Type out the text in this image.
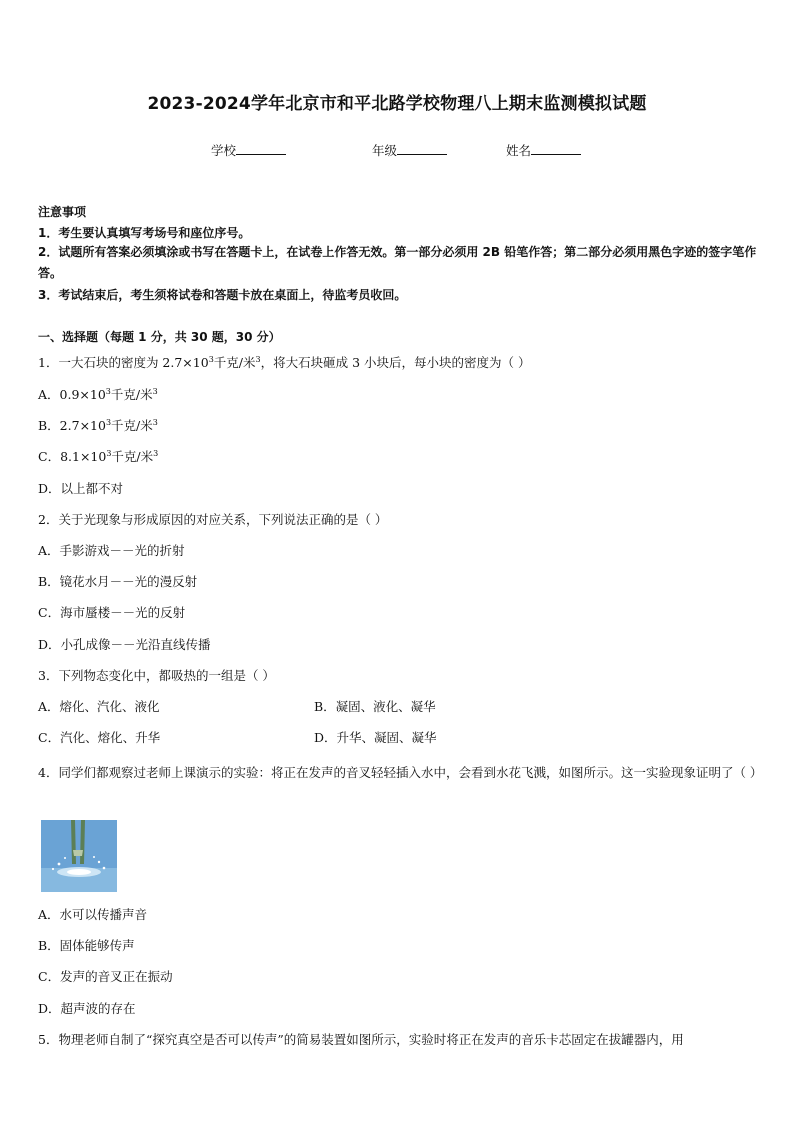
2023-2024学年北京市和平北路学校物理八上期末监测模拟试题
学校	年级	姓名
注意事项
1．考生要认真填写考场号和座位序号。
2．试题所有答案必须填涂或书写在答题卡上，在试卷上作答无效。第一部分必须用 2B 铅笔作答；第二部分必须用黑色字迹的签字笔作答。
3．考试结束后，考生须将试卷和答题卡放在桌面上，待监考员收回。
一、选择题（每题 1 分，共 30 题，30 分）
1．一大石块的密度为 $2.7\times 10^3$千克/米$^3$，将大石块砸成 3 小块后，每小块的密度为（ ）
A．$0.9\times 10^3$千克/米$^3$
B．$2.7\times 10^3$千克/米$^3$
C．$8.1\times 10^3$千克/米$^3$
D．以上都不对
2．关于光现象与形成原因的对应关系，下列说法正确的是（ ）
A．手影游戏－－光的折射
B．镜花水月－－光的漫反射
C．海市蜃楼－－光的反射
D．小孔成像－－光沿直线传播
3．下列物态变化中，都吸热的一组是（ ）
A．熔化、汽化、液化	B．凝固、液化、凝华
C．汽化、熔化、升华	D．升华、凝固、凝华
4．同学们都观察过老师上课演示的实验：将正在发声的音叉轻轻插入水中，会看到水花飞溅，如图所示。这一实验现象证明了（ ）
A．水可以传播声音
B．固体能够传声
C．发声的音叉正在振动
D．超声波的存在
5．物理老师自制了“探究真空是否可以传声”的简易装置如图所示，实验时将正在发声的音乐卡芯固定在拔罐器内，用
